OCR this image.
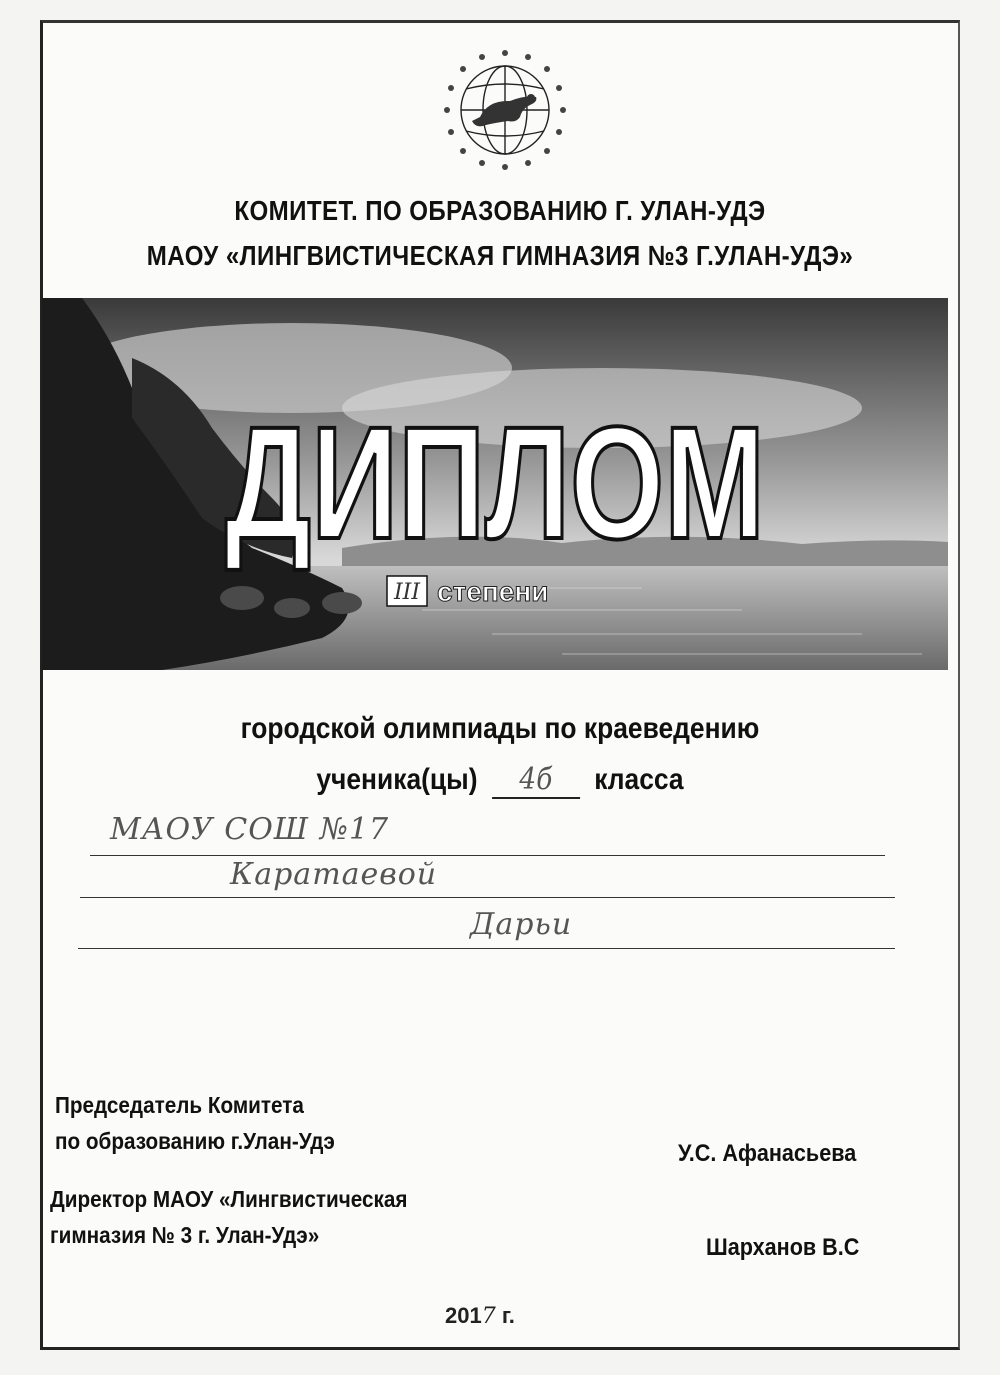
КОМИТЕТ. ПО ОБРАЗОВАНИЮ Г. УЛАН-УДЭ
МАОУ «ЛИНГВИСТИЧЕСКАЯ ГИМНАЗИЯ №3 Г.УЛАН-УДЭ»
ДИПЛОМ
III степени
городской олимпиады по краеведению
ученика(цы) 4б класса
МАОУ СОШ №17
Каратаевой
Дарьи
Председатель Комитета
по образованию г.Улан-Удэ	У.С. Афанасьева
Директор МАОУ «Лингвистическая
гимназия № 3 г. Улан-Удэ»	Шарханов В.С
2017 г.
